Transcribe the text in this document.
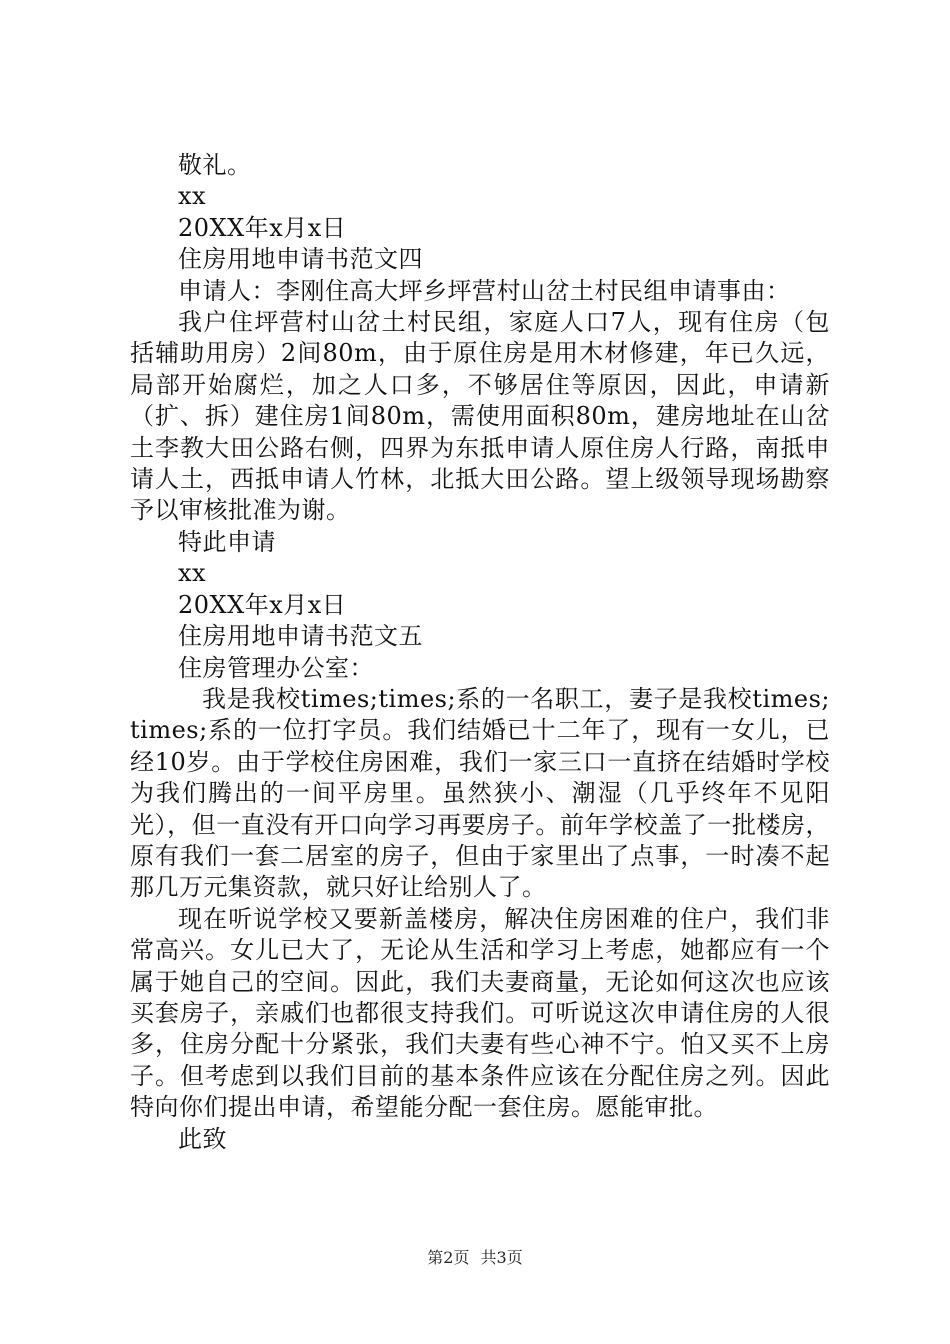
敬礼。
xx
20XX年x月x日
住房用地申请书范文四
申请人：李刚住高大坪乡坪营村山岔土村民组申请事由：

我户住坪营村山岔土村民组，家庭人口7人，现有住房（包括辅助用房）2间80m，由于原住房是用木材修建，年已久远，局部开始腐烂，加之人口多，不够居住等原因，因此，申请新（扩、拆）建住房1间80m，需使用面积80m，建房地址在山岔土李教大田公路右侧，四界为东抵申请人原住房人行路，南抵申请人土，西抵申请人竹林，北抵大田公路。望上级领导现场勘察予以审核批准为谢。

特此申请
xx
20XX年x月x日
住房用地申请书范文五
住房管理办公室：

我是我校times;times;系的一名职工，妻子是我校times;times;系的一位打字员。我们结婚已十二年了，现有一女儿，已经10岁。由于学校住房困难，我们一家三口一直挤在结婚时学校为我们腾出的一间平房里。虽然狭小、潮湿（几乎终年不见阳光），但一直没有开口向学习再要房子。前年学校盖了一批楼房，原有我们一套二居室的房子，但由于家里出了点事，一时凑不起那几万元集资款，就只好让给别人了。

现在听说学校又要新盖楼房，解决住房困难的住户，我们非常高兴。女儿已大了，无论从生活和学习上考虑，她都应有一个属于她自己的空间。因此，我们夫妻商量，无论如何这次也应该买套房子，亲戚们也都很支持我们。可听说这次申请住房的人很多，住房分配十分紧张，我们夫妻有些心神不宁。怕又买不上房子。但考虑到以我们目前的基本条件应该在分配住房之列。因此特向你们提出申请，希望能分配一套住房。愿能审批。

此致
第2页 共3页
